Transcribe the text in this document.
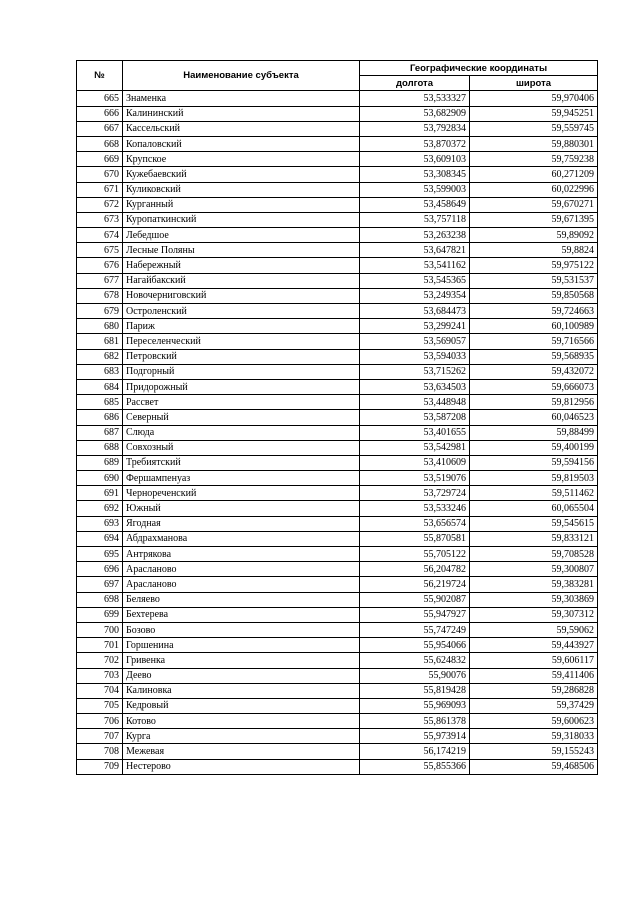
№	Наименование субъекта	Географические координаты	
		долгота	широта
665	Знаменка	53,533327	59,970406
666	Калининский	53,682909	59,945251
667	Кассельский	53,792834	59,559745
668	Копаловский	53,870372	59,880301
669	Крупское	53,609103	59,759238
670	Кужебаевский	53,308345	60,271209
671	Куликовский	53,599003	60,022996
672	Курганный	53,458649	59,670271
673	Куропаткинский	53,757118	59,671395
674	Лебедшое	53,263238	59,89092
675	Лесные Поляны	53,647821	59,8824
676	Набережный	53,541162	59,975122
677	Нагайбакский	53,545365	59,531537
678	Новочерниговский	53,249354	59,850568
679	Остроленский	53,684473	59,724663
680	Париж	53,299241	60,100989
681	Переселенческий	53,569057	59,716566
682	Петровский	53,594033	59,568935
683	Подгорный	53,715262	59,432072
684	Придорожный	53,634503	59,666073
685	Рассвет	53,448948	59,812956
686	Северный	53,587208	60,046523
687	Слюда	53,401655	59,88499
688	Совхозный	53,542981	59,400199
689	Требиятский	53,410609	59,594156
690	Фершампенуаз	53,519076	59,819503
691	Чернореченский	53,729724	59,511462
692	Южный	53,533246	60,065504
693	Ягодная	53,656574	59,545615
694	Абдрахманова	55,870581	59,833121
695	Антрякова	55,705122	59,708528
696	Арасланово	56,204782	59,300807
697	Арасланово	56,219724	59,383281
698	Беляево	55,902087	59,303869
699	Бехтерева	55,947927	59,307312
700	Бозово	55,747249	59,59062
701	Горшенина	55,954066	59,443927
702	Гривенка	55,624832	59,606117
703	Деево	55,90076	59,411406
704	Калиновка	55,819428	59,286828
705	Кедровый	55,969093	59,37429
706	Котово	55,861378	59,600623
707	Курга	55,973914	59,318033
708	Межевая	56,174219	59,155243
709	Нестерово	55,855366	59,468506
